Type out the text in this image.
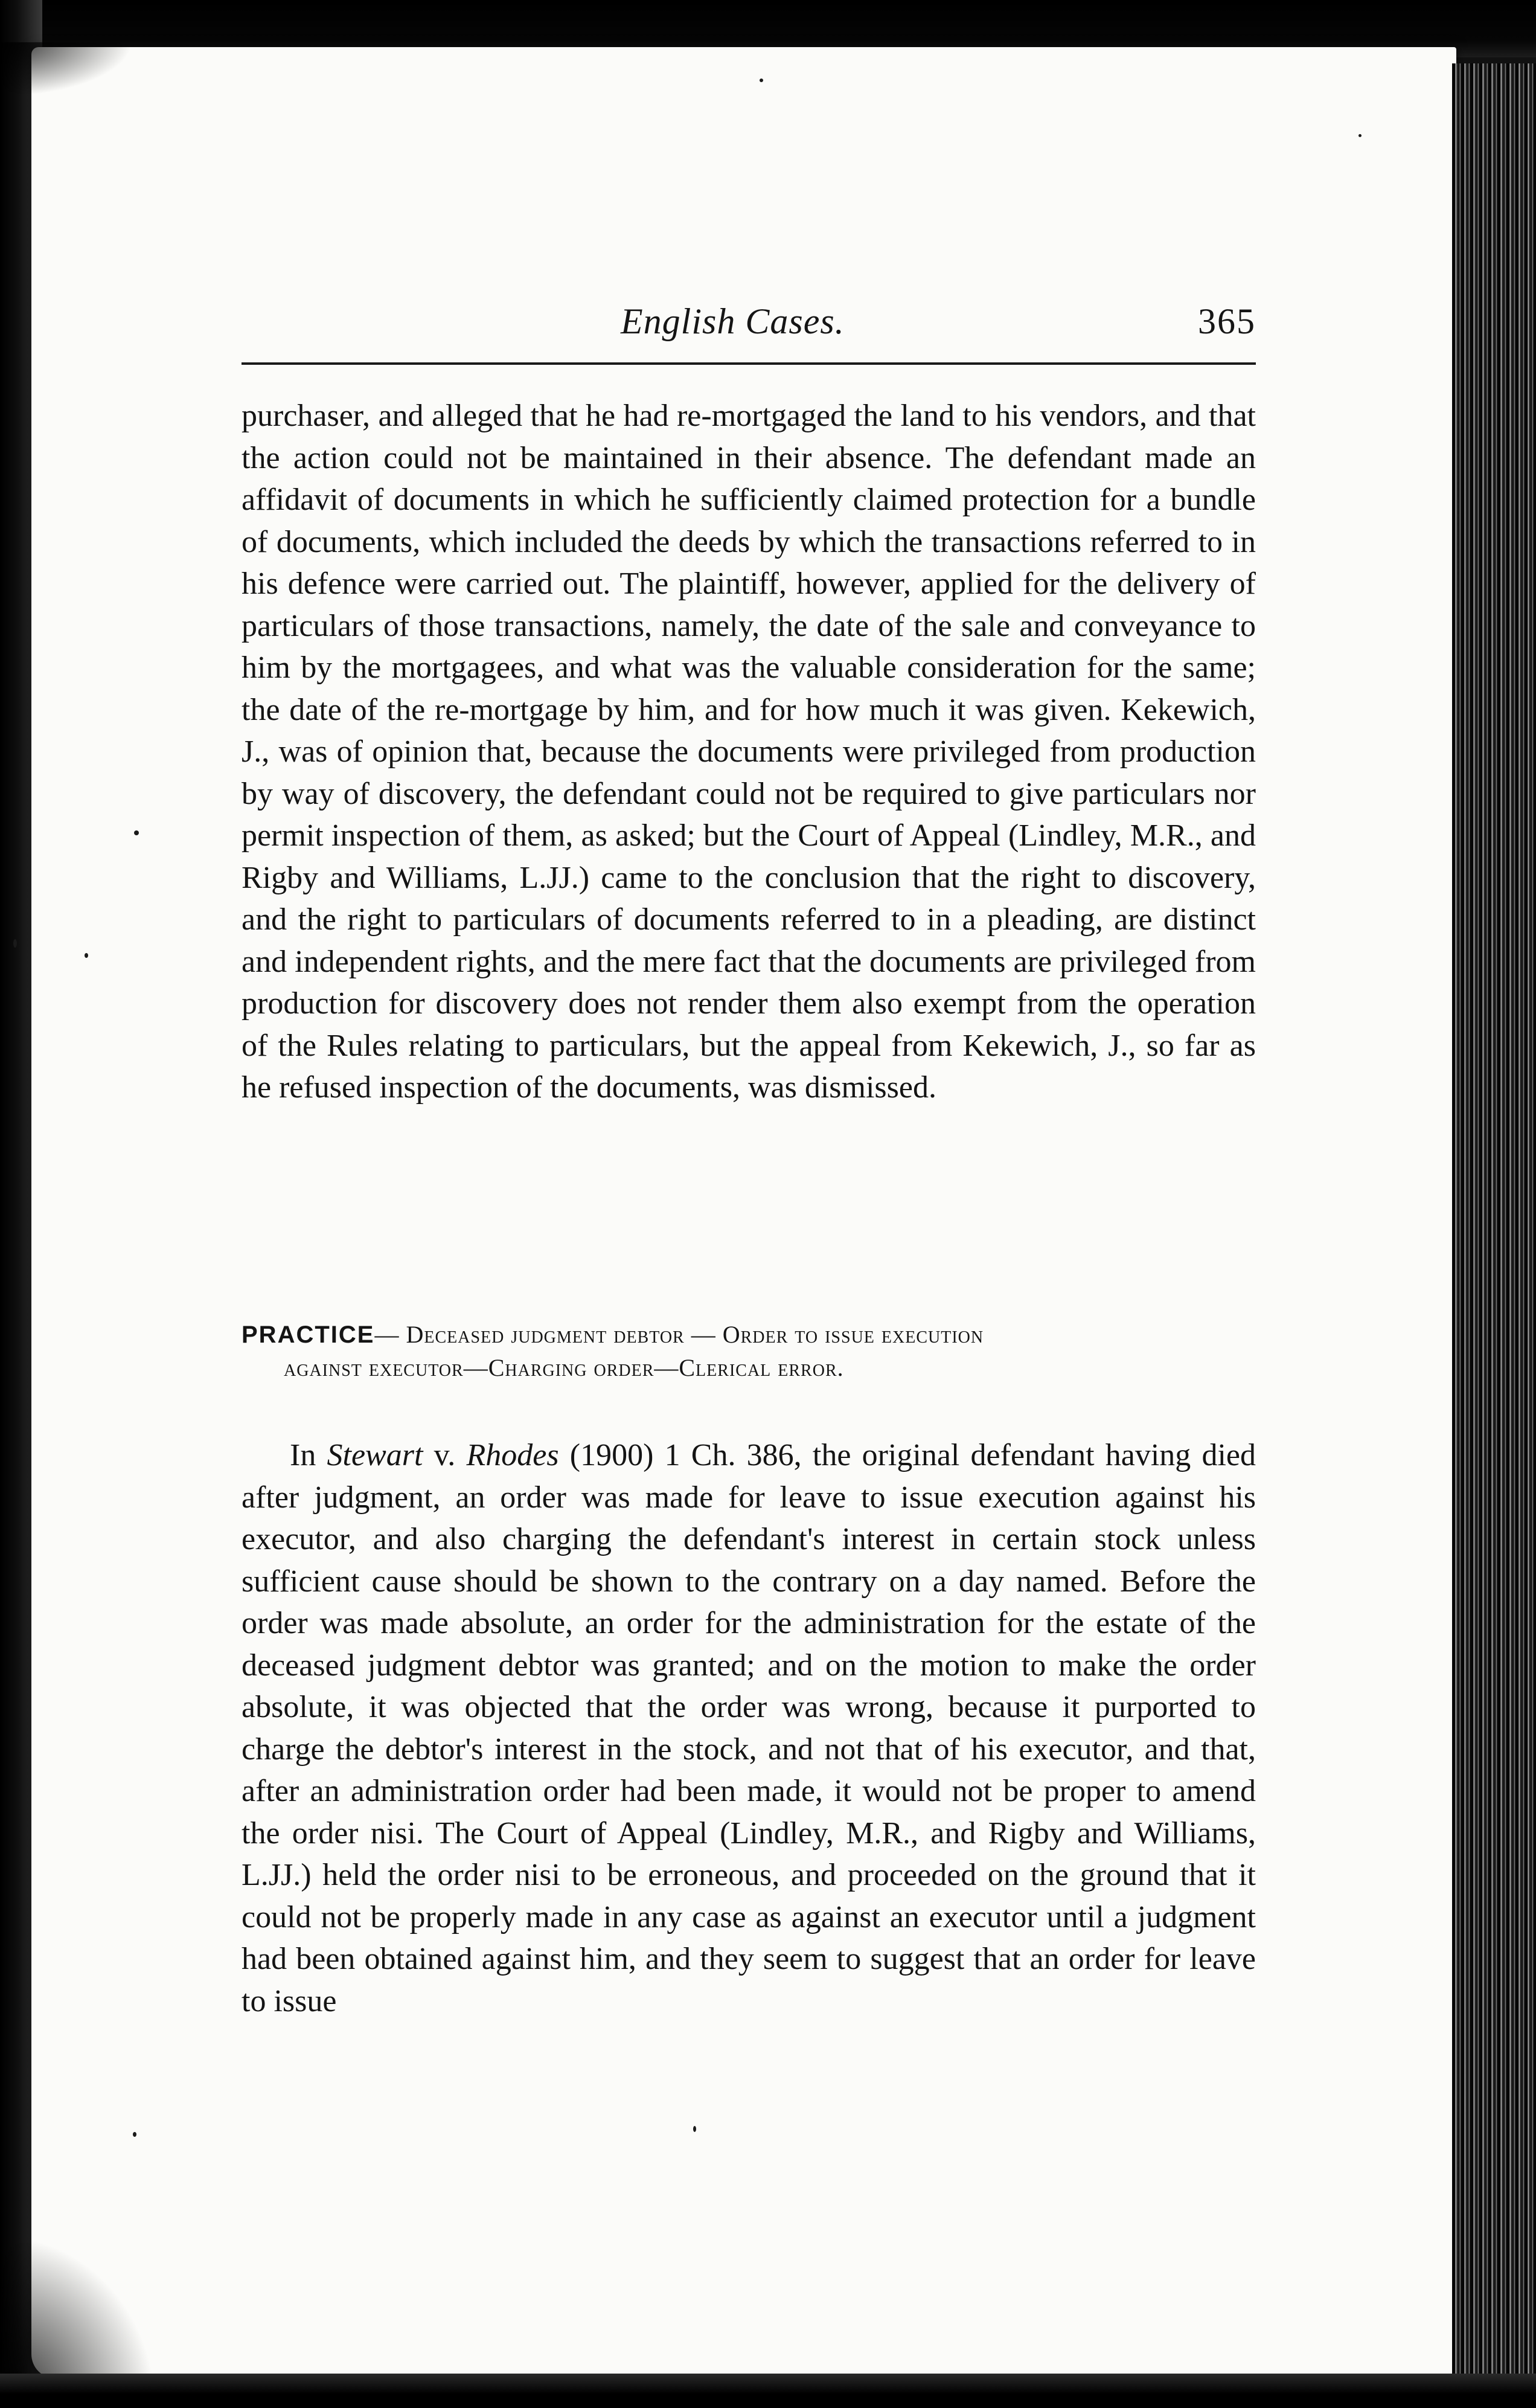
English Cases.	365

purchaser, and alleged that he had re-mortgaged the land to his vendors, and that the action could not be maintained in their absence. The defendant made an affidavit of documents in which he sufficiently claimed protection for a bundle of documents, which included the deeds by which the transactions referred to in his defence were carried out. The plaintiff, however, applied for the delivery of particulars of those transactions, namely, the date of the sale and conveyance to him by the mortgagees, and what was the valuable consideration for the same; the date of the re-mortgage by him, and for how much it was given. Kekewich, J., was of opinion that, because the documents were privileged from production by way of discovery, the defendant could not be required to give particulars nor permit inspection of them, as asked; but the Court of Appeal (Lindley, M.R., and Rigby and Williams, L.JJ.) came to the conclusion that the right to discovery, and the right to particulars of documents referred to in a pleading, are distinct and independent rights, and the mere fact that the documents are privileged from production for discovery does not render them also exempt from the operation of the Rules relating to particulars, but the appeal from Kekewich, J., so far as he refused inspection of the documents, was dismissed.

PRACTICE— Deceased judgment debtor — Order to issue execution
against executor—Charging order—Clerical error.

In Stewart v. Rhodes (1900) 1 Ch. 386, the original defendant having died after judgment, an order was made for leave to issue execution against his executor, and also charging the defendant's interest in certain stock unless sufficient cause should be shown to the contrary on a day named. Before the order was made absolute, an order for the administration for the estate of the deceased judgment debtor was granted; and on the motion to make the order absolute, it was objected that the order was wrong, because it purported to charge the debtor's interest in the stock, and not that of his executor, and that, after an administration order had been made, it would not be proper to amend the order nisi. The Court of Appeal (Lindley, M.R., and Rigby and Williams, L.JJ.) held the order nisi to be erroneous, and proceeded on the ground that it could not be properly made in any case as against an executor until a judgment had been obtained against him, and they seem to suggest that an order for leave to issue
